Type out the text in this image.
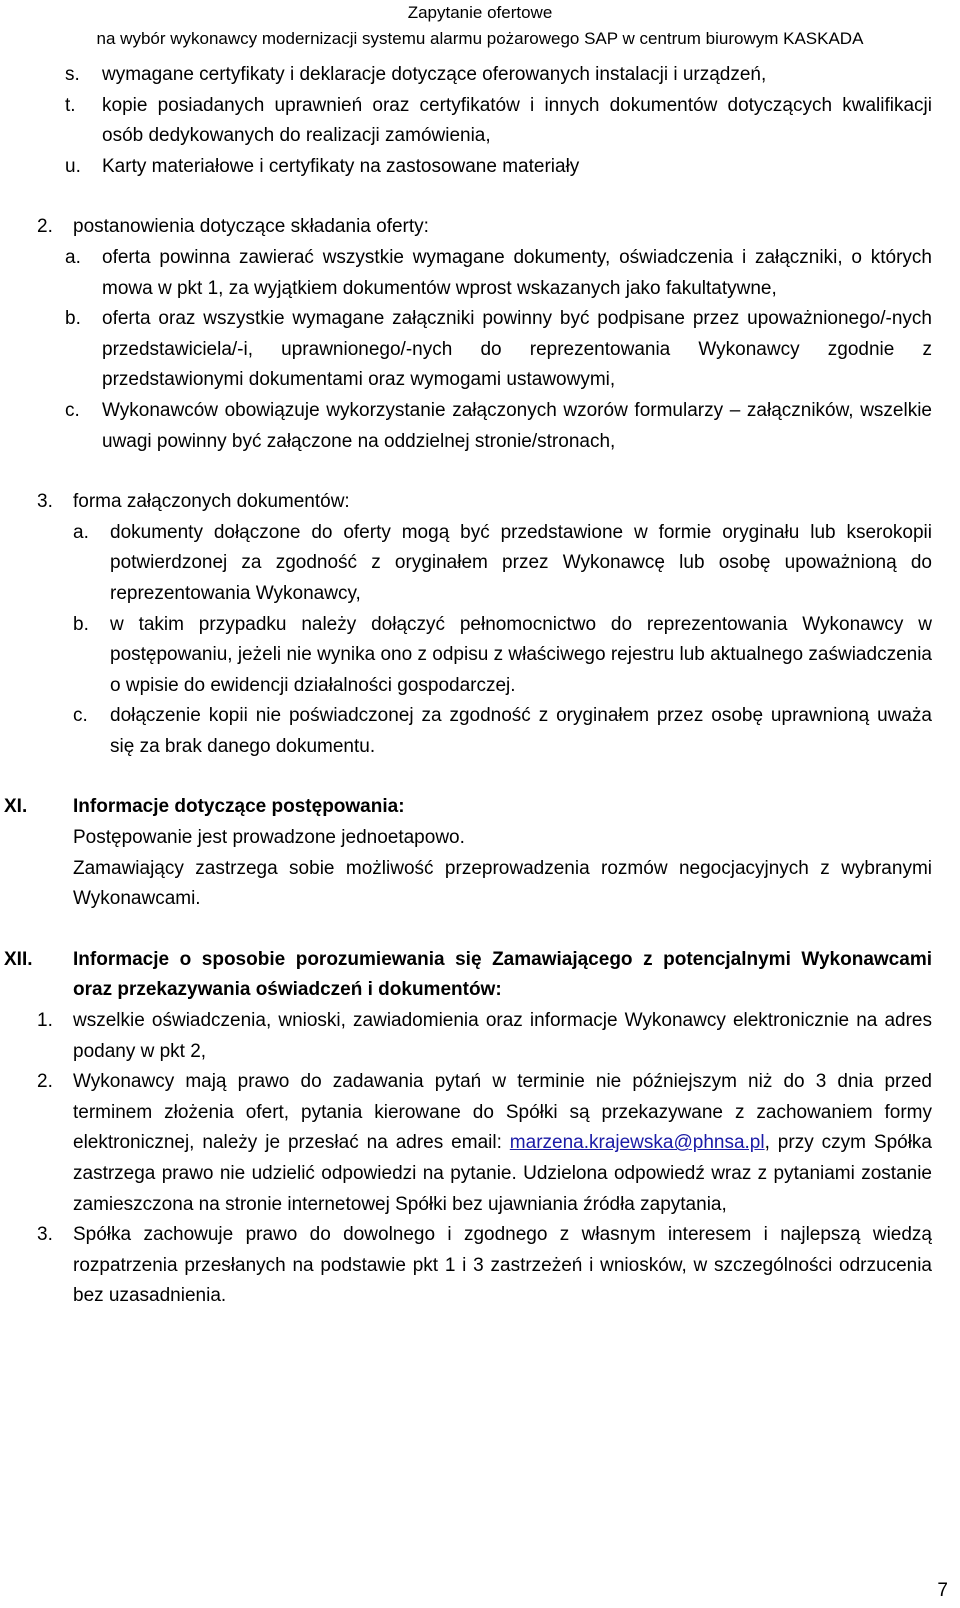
Zapytanie ofertowe
na wybór wykonawcy modernizacji systemu alarmu pożarowego SAP w centrum biurowym KASKADA
s. wymagane certyfikaty i deklaracje dotyczące oferowanych instalacji i urządzeń,
t. kopie posiadanych uprawnień oraz certyfikatów i innych dokumentów dotyczących kwalifikacji osób dedykowanych do realizacji zamówienia,
u. Karty materiałowe i certyfikaty na zastosowane materiały
2. postanowienia dotyczące składania oferty:
a. oferta powinna zawierać wszystkie wymagane dokumenty, oświadczenia i załączniki, o których mowa w pkt 1, za wyjątkiem dokumentów wprost wskazanych jako fakultatywne,
b. oferta oraz wszystkie wymagane załączniki powinny być podpisane przez upoważnionego/-nych przedstawiciela/-i, uprawnionego/-nych do reprezentowania Wykonawcy zgodnie z przedstawionymi dokumentami oraz wymogami ustawowymi,
c. Wykonawców obowiązuje wykorzystanie załączonych wzorów formularzy – załączników, wszelkie uwagi powinny być załączone na oddzielnej stronie/stronach,
3. forma załączonych dokumentów:
a. dokumenty dołączone do oferty mogą być przedstawione w formie oryginału lub kserokopii potwierdzonej za zgodność z oryginałem przez Wykonawcę lub osobę upoważnioną do reprezentowania Wykonawcy,
b. w takim przypadku należy dołączyć pełnomocnictwo do reprezentowania Wykonawcy w postępowaniu, jeżeli nie wynika ono z odpisu z właściwego rejestru lub aktualnego zaświadczenia o wpisie do ewidencji działalności gospodarczej.
c. dołączenie kopii nie poświadczonej za zgodność z oryginałem przez osobę uprawnioną uważa się za brak danego dokumentu.
XI. Informacje dotyczące postępowania:
Postępowanie jest prowadzone jednoetapowo.
Zamawiający zastrzega sobie możliwość przeprowadzenia rozmów negocjacyjnych z wybranymi Wykonawcami.
XII. Informacje o sposobie porozumiewania się Zamawiającego z potencjalnymi Wykonawcami oraz przekazywania oświadczeń i dokumentów:
1. wszelkie oświadczenia, wnioski, zawiadomienia oraz informacje Wykonawcy elektronicznie na adres podany w pkt 2,
2. Wykonawcy mają prawo do zadawania pytań w terminie nie późniejszym niż do 3 dnia przed terminem złożenia ofert, pytania kierowane do Spółki są przekazywane z zachowaniem formy elektronicznej, należy je przesłać na adres email: marzena.krajewska@phnsa.pl, przy czym Spółka zastrzega prawo nie udzielić odpowiedzi na pytanie. Udzielona odpowiedź wraz z pytaniami zostanie zamieszczona na stronie internetowej Spółki bez ujawniania źródła zapytania,
3. Spółka zachowuje prawo do dowolnego i zgodnego z własnym interesem i najlepszą wiedzą rozpatrzenia przesłanych na podstawie pkt 1 i 3 zastrzeżeń i wniosków, w szczególności odrzucenia bez uzasadnienia.
7
